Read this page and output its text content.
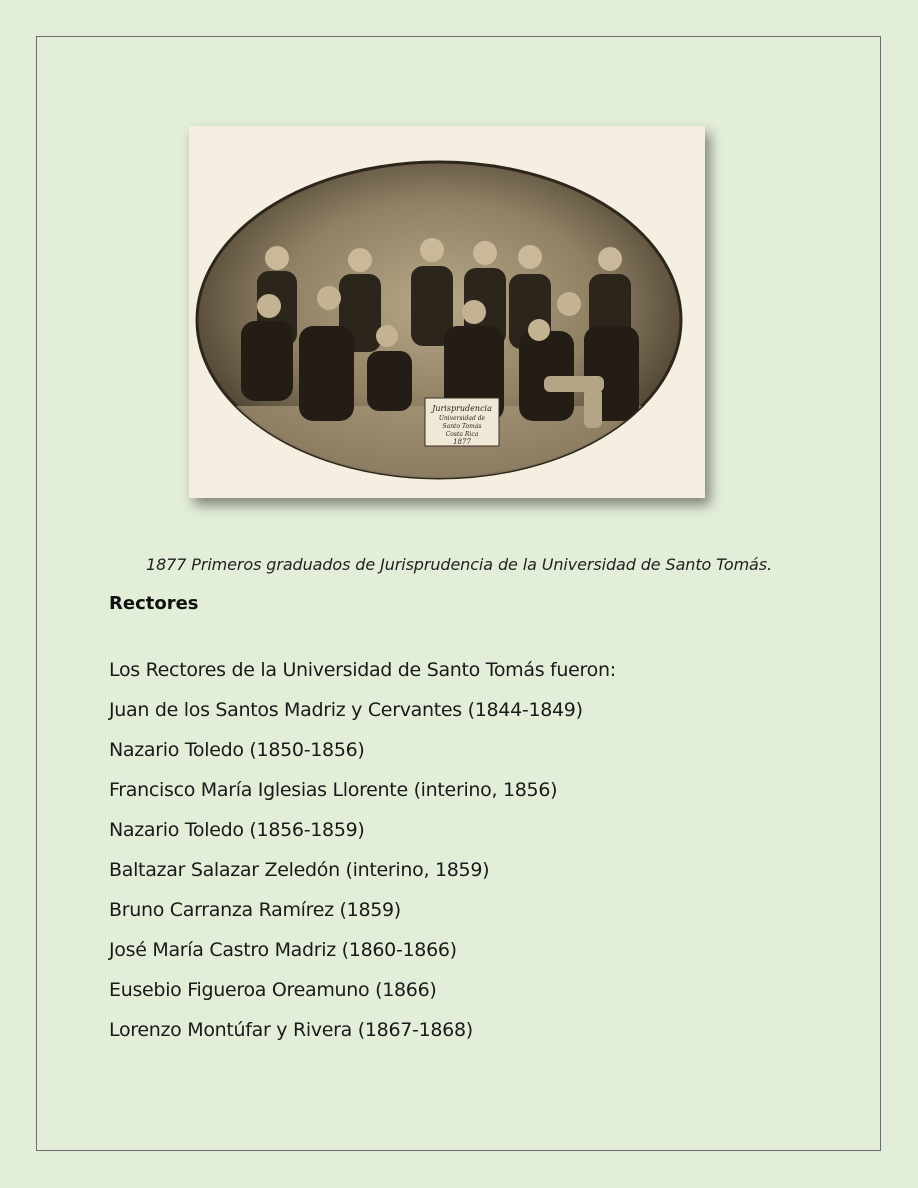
Jurisprudencia
Universidad de
Santo Tomás
Costa Rica
1877
1877 Primeros graduados de Jurisprudencia de la Universidad de Santo Tomás.
Rectores
Los Rectores de la Universidad de Santo Tomás fueron:
Juan de los Santos Madriz y Cervantes (1844-1849)
Nazario Toledo (1850-1856)
Francisco María Iglesias Llorente (interino, 1856)
Nazario Toledo (1856-1859)
Baltazar Salazar Zeledón (interino, 1859)
Bruno Carranza Ramírez (1859)
José María Castro Madriz (1860-1866)
Eusebio Figueroa Oreamuno (1866)
Lorenzo Montúfar y Rivera (1867-1868)
